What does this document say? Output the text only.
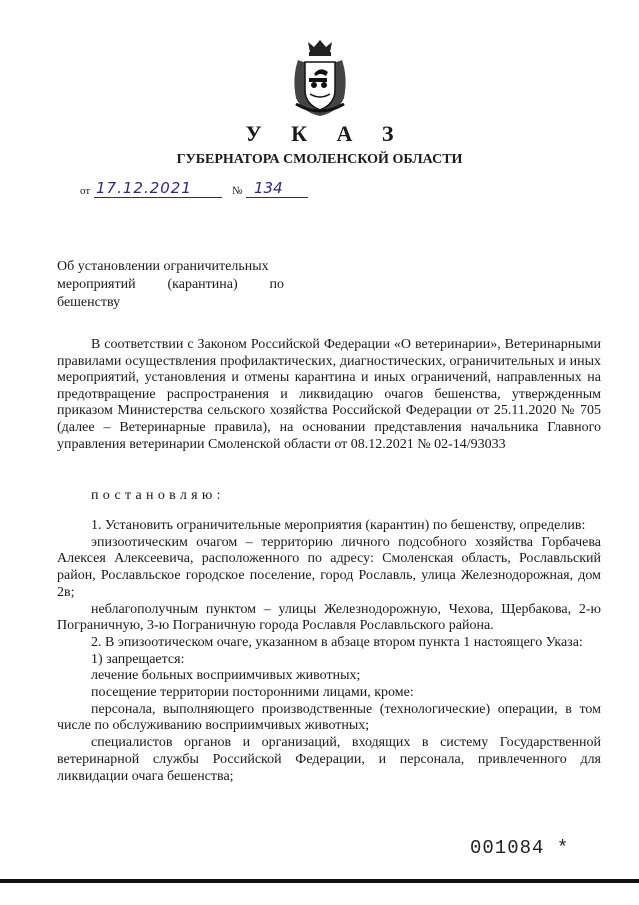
У К А З
ГУБЕРНАТОРА СМОЛЕНСКОЙ ОБЛАСТИ
от 17.12.2021	№ 134
Об установлении ограничительных
мероприятий (карантина) по
бешенству

В соответствии с Законом Российской Федерации «О ветеринарии», Ветеринарными правилами осуществления профилактических, диагностических, ограничительных и иных мероприятий, установления и отмены карантина и иных ограничений, направленных на предотвращение распространения и ликвидацию очагов бешенства, утвержденным приказом Министерства сельского хозяйства Российской Федерации от 25.11.2020 № 705 (далее – Ветеринарные правила), на основании представления начальника Главного управления ветеринарии Смоленской области от 08.12.2021 № 02-14/93033

постановляю:

1. Установить ограничительные мероприятия (карантин) по бешенству, определив:

эпизоотическим очагом – территорию личного подсобного хозяйства Горбачева Алексея Алексеевича, расположенного по адресу: Смоленская область, Рославльский район, Рославльское городское поселение, город Рославль, улица Железнодорожная, дом 2в;

неблагополучным пунктом – улицы Железнодорожную, Чехова, Щербакова, 2-ю Пограничную, 3-ю Пограничную города Рославля Рославльского района.

2. В эпизоотическом очаге, указанном в абзаце втором пункта 1 настоящего Указа:

1) запрещается:

лечение больных восприимчивых животных;

посещение территории посторонними лицами, кроме:

персонала, выполняющего производственные (технологические) операции, в том числе по обслуживанию восприимчивых животных;

специалистов органов и организаций, входящих в систему Государственной ветеринарной службы Российской Федерации, и персонала, привлеченного для ликвидации очага бешенства;

001084 *
